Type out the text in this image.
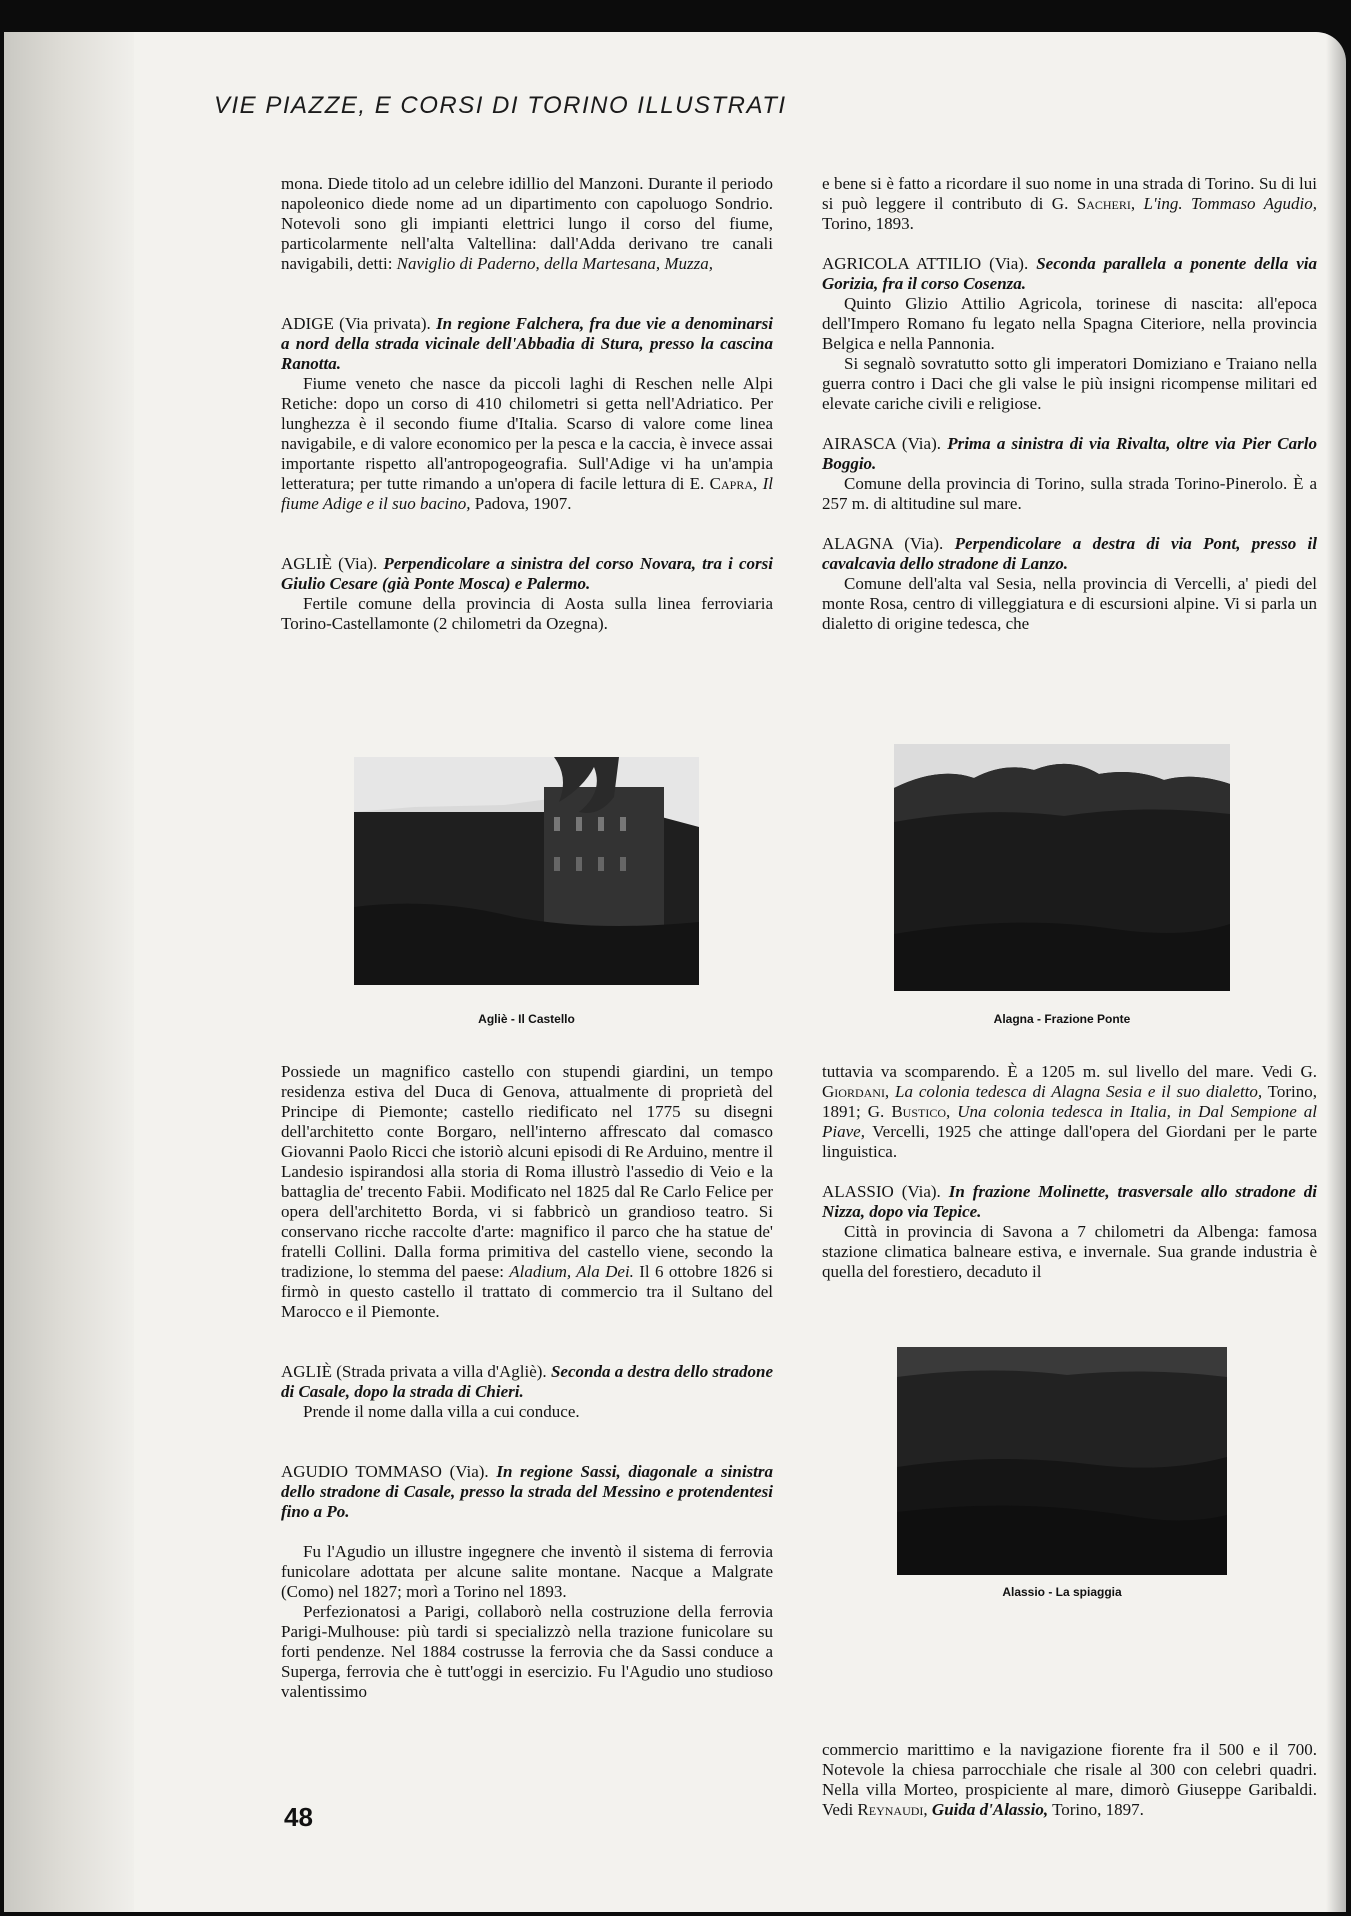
VIE PIAZZE, E CORSI DI TORINO ILLUSTRATI

mona. Diede titolo ad un celebre idillio del Manzoni. Durante il periodo napoleonico diede nome ad un dipartimento con capoluogo Sondrio. Notevoli sono gli impianti elettrici lungo il corso del fiume, particolarmente nell'alta Valtellina: dall'Adda derivano tre canali navigabili, detti: Naviglio di Paderno, della Martesana, Muzza,

ADIGE (Via privata). In regione Falchera, fra due vie a denominarsi a nord della strada vicinale dell'Abbadia di Stura, presso la cascina Ranotta.

Fiume veneto che nasce da piccoli laghi di Reschen nelle Alpi Retiche: dopo un corso di 410 chilometri si getta nell'Adriatico. Per lunghezza è il secondo fiume d'Italia. Scarso di valore come linea navigabile, e di valore economico per la pesca e la caccia, è invece assai importante rispetto all'antropogeografia. Sull'Adige vi ha un'ampia letteratura; per tutte rimando a un'opera di facile lettura di E. Capra, Il fiume Adige e il suo bacino, Padova, 1907.

AGLIÈ (Via). Perpendicolare a sinistra del corso Novara, tra i corsi Giulio Cesare (già Ponte Mosca) e Palermo.

Fertile comune della provincia di Aosta sulla linea ferroviaria Torino-Castellamonte (2 chilometri da Ozegna).

e bene si è fatto a ricordare il suo nome in una strada di Torino. Su di lui si può leggere il contributo di G. Sacheri, L'ing. Tommaso Agudio, Torino, 1893.

AGRICOLA ATTILIO (Via). Seconda parallela a ponente della via Gorizia, fra il corso Cosenza.

Quinto Glizio Attilio Agricola, torinese di nascita: all'epoca dell'Impero Romano fu legato nella Spagna Citeriore, nella provincia Belgica e nella Pannonia.

Si segnalò sovratutto sotto gli imperatori Domiziano e Traiano nella guerra contro i Daci che gli valse le più insigni ricompense militari ed elevate cariche civili e religiose.

AIRASCA (Via). Prima a sinistra di via Rivalta, oltre via Pier Carlo Boggio.

Comune della provincia di Torino, sulla strada Torino-Pinerolo. È a 257 m. di altitudine sul mare.

ALAGNA (Via). Perpendicolare a destra di via Pont, presso il cavalcavia dello stradone di Lanzo.

Comune dell'alta val Sesia, nella provincia di Vercelli, a' piedi del monte Rosa, centro di villeggiatura e di escursioni alpine. Vi si parla un dialetto di origine tedesca, che

Agliè - Il Castello	Alagna - Frazione Ponte

Possiede un magnifico castello con stupendi giardini, un tempo residenza estiva del Duca di Genova, attualmente di proprietà del Principe di Piemonte; castello riedificato nel 1775 su disegni dell'architetto conte Borgaro, nell'interno affrescato dal comasco Giovanni Paolo Ricci che istoriò alcuni episodi di Re Arduino, mentre il Landesio ispirandosi alla storia di Roma illustrò l'assedio di Veio e la battaglia de' trecento Fabii. Modificato nel 1825 dal Re Carlo Felice per opera dell'architetto Borda, vi si fabbricò un grandioso teatro. Si conservano ricche raccolte d'arte: magnifico il parco che ha statue de' fratelli Collini. Dalla forma primitiva del castello viene, secondo la tradizione, lo stemma del paese: Aladium, Ala Dei. Il 6 ottobre 1826 si firmò in questo castello il trattato di commercio tra il Sultano del Marocco e il Piemonte.

AGLIÈ (Strada privata a villa d'Agliè). Seconda a destra dello stradone di Casale, dopo la strada di Chieri.

Prende il nome dalla villa a cui conduce.

AGUDIO TOMMASO (Via). In regione Sassi, diagonale a sinistra dello stradone di Casale, presso la strada del Messino e protendentesi fino a Po.

Fu l'Agudio un illustre ingegnere che inventò il sistema di ferrovia funicolare adottata per alcune salite montane. Nacque a Malgrate (Como) nel 1827; morì a Torino nel 1893.

Perfezionatosi a Parigi, collaborò nella costruzione della ferrovia Parigi-Mulhouse: più tardi si specializzò nella trazione funicolare su forti pendenze. Nel 1884 costrusse la ferrovia che da Sassi conduce a Superga, ferrovia che è tutt'oggi in esercizio. Fu l'Agudio uno studioso valentissimo

tuttavia va scomparendo. È a 1205 m. sul livello del mare. Vedi G. Giordani, La colonia tedesca di Alagna Sesia e il suo dialetto, Torino, 1891; G. Bustico, Una colonia tedesca in Italia, in Dal Sempione al Piave, Vercelli, 1925 che attinge dall'opera del Giordani per le parte linguistica.

ALASSIO (Via). In frazione Molinette, trasversale allo stradone di Nizza, dopo via Tepice.

Città in provincia di Savona a 7 chilometri da Albenga: famosa stazione climatica balneare estiva, e invernale. Sua grande industria è quella del forestiero, decaduto il

Alassio - La spiaggia

commercio marittimo e la navigazione fiorente fra il 500 e il 700. Notevole la chiesa parrocchiale che risale al 300 con celebri quadri. Nella villa Morteo, prospiciente al mare, dimorò Giuseppe Garibaldi. Vedi Reynaudi, Guida d'Alassio, Torino, 1897.

48
